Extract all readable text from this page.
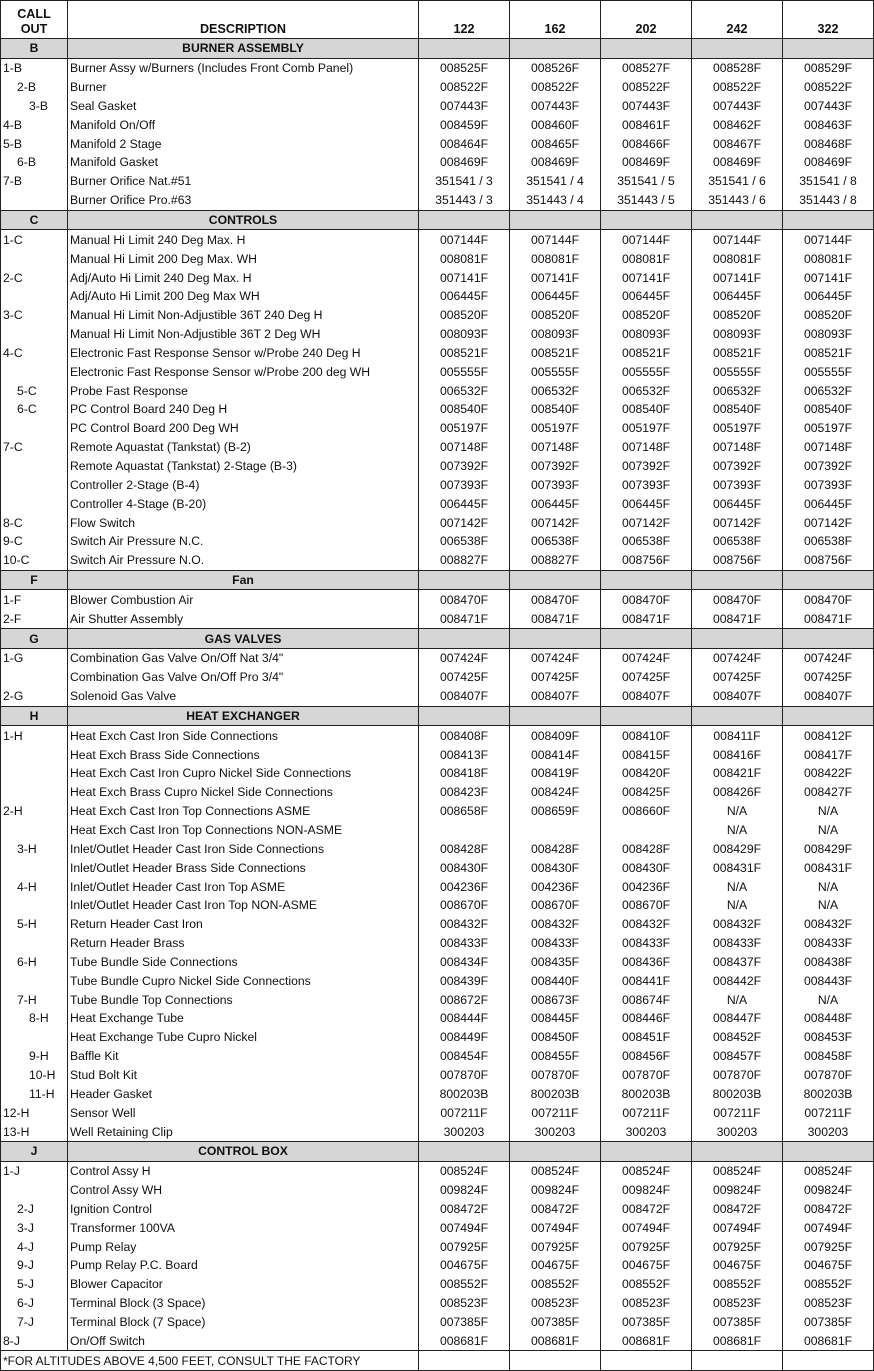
CALL
OUT	DESCRIPTION	122	162	202	242	322
B	BURNER ASSEMBLY					
1-B	Burner Assy w/Burners (Includes Front Comb Panel)	008525F	008526F	008527F	008528F	008529F
2-B	Burner	008522F	008522F	008522F	008522F	008522F
3-B	Seal Gasket	007443F	007443F	007443F	007443F	007443F
4-B	Manifold On/Off	008459F	008460F	008461F	008462F	008463F
5-B	Manifold 2 Stage	008464F	008465F	008466F	008467F	008468F
6-B	Manifold Gasket	008469F	008469F	008469F	008469F	008469F
7-B	Burner Orifice Nat.#51	351541 / 3	351541 / 4	351541 / 5	351541 / 6	351541 / 8
	Burner Orifice Pro.#63	351443 / 3	351443 / 4	351443 / 5	351443 / 6	351443 / 8
C	CONTROLS					
1-C	Manual Hi Limit 240 Deg Max. H	007144F	007144F	007144F	007144F	007144F
	Manual Hi Limit 200 Deg Max. WH	008081F	008081F	008081F	008081F	008081F
2-C	Adj/Auto Hi Limit 240 Deg Max. H	007141F	007141F	007141F	007141F	007141F
	Adj/Auto Hi Limit 200 Deg Max WH	006445F	006445F	006445F	006445F	006445F
3-C	Manual Hi Limit Non-Adjustible 36T 240 Deg H	008520F	008520F	008520F	008520F	008520F
	Manual Hi Limit Non-Adjustible 36T 2 Deg WH	008093F	008093F	008093F	008093F	008093F
4-C	Electronic Fast Response Sensor w/Probe 240 Deg H	008521F	008521F	008521F	008521F	008521F
	Electronic Fast Response Sensor w/Probe 200 deg WH	005555F	005555F	005555F	005555F	005555F
5-C	Probe Fast Response	006532F	006532F	006532F	006532F	006532F
6-C	PC Control Board 240 Deg H	008540F	008540F	008540F	008540F	008540F
	PC Control Board 200 Deg WH	005197F	005197F	005197F	005197F	005197F
7-C	Remote Aquastat (Tankstat) (B-2)	007148F	007148F	007148F	007148F	007148F
	Remote Aquastat (Tankstat) 2-Stage (B-3)	007392F	007392F	007392F	007392F	007392F
	Controller 2-Stage (B-4)	007393F	007393F	007393F	007393F	007393F
	Controller 4-Stage (B-20)	006445F	006445F	006445F	006445F	006445F
8-C	Flow Switch	007142F	007142F	007142F	007142F	007142F
9-C	Switch Air Pressure N.C.	006538F	006538F	006538F	006538F	006538F
10-C	Switch Air Pressure N.O.	008827F	008827F	008756F	008756F	008756F
F	Fan					
1-F	Blower Combustion Air	008470F	008470F	008470F	008470F	008470F
2-F	Air Shutter Assembly	008471F	008471F	008471F	008471F	008471F
G	GAS VALVES					
1-G	Combination Gas Valve On/Off Nat 3/4"	007424F	007424F	007424F	007424F	007424F
	Combination Gas Valve On/Off Pro 3/4"	007425F	007425F	007425F	007425F	007425F
2-G	Solenoid Gas Valve	008407F	008407F	008407F	008407F	008407F
H	HEAT EXCHANGER					
1-H	Heat Exch Cast Iron Side Connections	008408F	008409F	008410F	008411F	008412F
	Heat Exch Brass Side Connections	008413F	008414F	008415F	008416F	008417F
	Heat Exch Cast Iron Cupro Nickel Side Connections	008418F	008419F	008420F	008421F	008422F
	Heat Exch Brass Cupro Nickel Side Connections	008423F	008424F	008425F	008426F	008427F
2-H	Heat Exch Cast Iron Top Connections ASME	008658F	008659F	008660F	N/A	N/A
	Heat Exch Cast Iron Top Connections NON-ASME				N/A	N/A
3-H	Inlet/Outlet Header Cast Iron Side Connections	008428F	008428F	008428F	008429F	008429F
	Inlet/Outlet Header Brass Side Connections	008430F	008430F	008430F	008431F	008431F
4-H	Inlet/Outlet Header Cast Iron Top ASME	004236F	004236F	004236F	N/A	N/A
	Inlet/Outlet Header Cast Iron Top NON-ASME	008670F	008670F	008670F	N/A	N/A
5-H	Return Header Cast Iron	008432F	008432F	008432F	008432F	008432F
	Return Header Brass	008433F	008433F	008433F	008433F	008433F
6-H	Tube Bundle Side Connections	008434F	008435F	008436F	008437F	008438F
	Tube Bundle Cupro Nickel Side Connections	008439F	008440F	008441F	008442F	008443F
7-H	Tube Bundle Top Connections	008672F	008673F	008674F	N/A	N/A
8-H	Heat Exchange Tube	008444F	008445F	008446F	008447F	008448F
	Heat Exchange Tube Cupro Nickel	008449F	008450F	008451F	008452F	008453F
9-H	Baffle Kit	008454F	008455F	008456F	008457F	008458F
10-H	Stud Bolt Kit	007870F	007870F	007870F	007870F	007870F
11-H	Header Gasket	800203B	800203B	800203B	800203B	800203B
12-H	Sensor Well	007211F	007211F	007211F	007211F	007211F
13-H	Well Retaining Clip	300203	300203	300203	300203	300203
J	CONTROL BOX					
1-J	Control Assy H	008524F	008524F	008524F	008524F	008524F
	Control Assy WH	009824F	009824F	009824F	009824F	009824F
2-J	Ignition Control	008472F	008472F	008472F	008472F	008472F
3-J	Transformer 100VA	007494F	007494F	007494F	007494F	007494F
4-J	Pump Relay	007925F	007925F	007925F	007925F	007925F
9-J	Pump Relay P.C. Board	004675F	004675F	004675F	004675F	004675F
5-J	Blower Capacitor	008552F	008552F	008552F	008552F	008552F
6-J	Terminal Block (3 Space)	008523F	008523F	008523F	008523F	008523F
7-J	Terminal Block (7 Space)	007385F	007385F	007385F	007385F	007385F
8-J	On/Off Switch	008681F	008681F	008681F	008681F	008681F
*FOR ALTITUDES ABOVE 4,500 FEET, CONSULT THE FACTORY						
